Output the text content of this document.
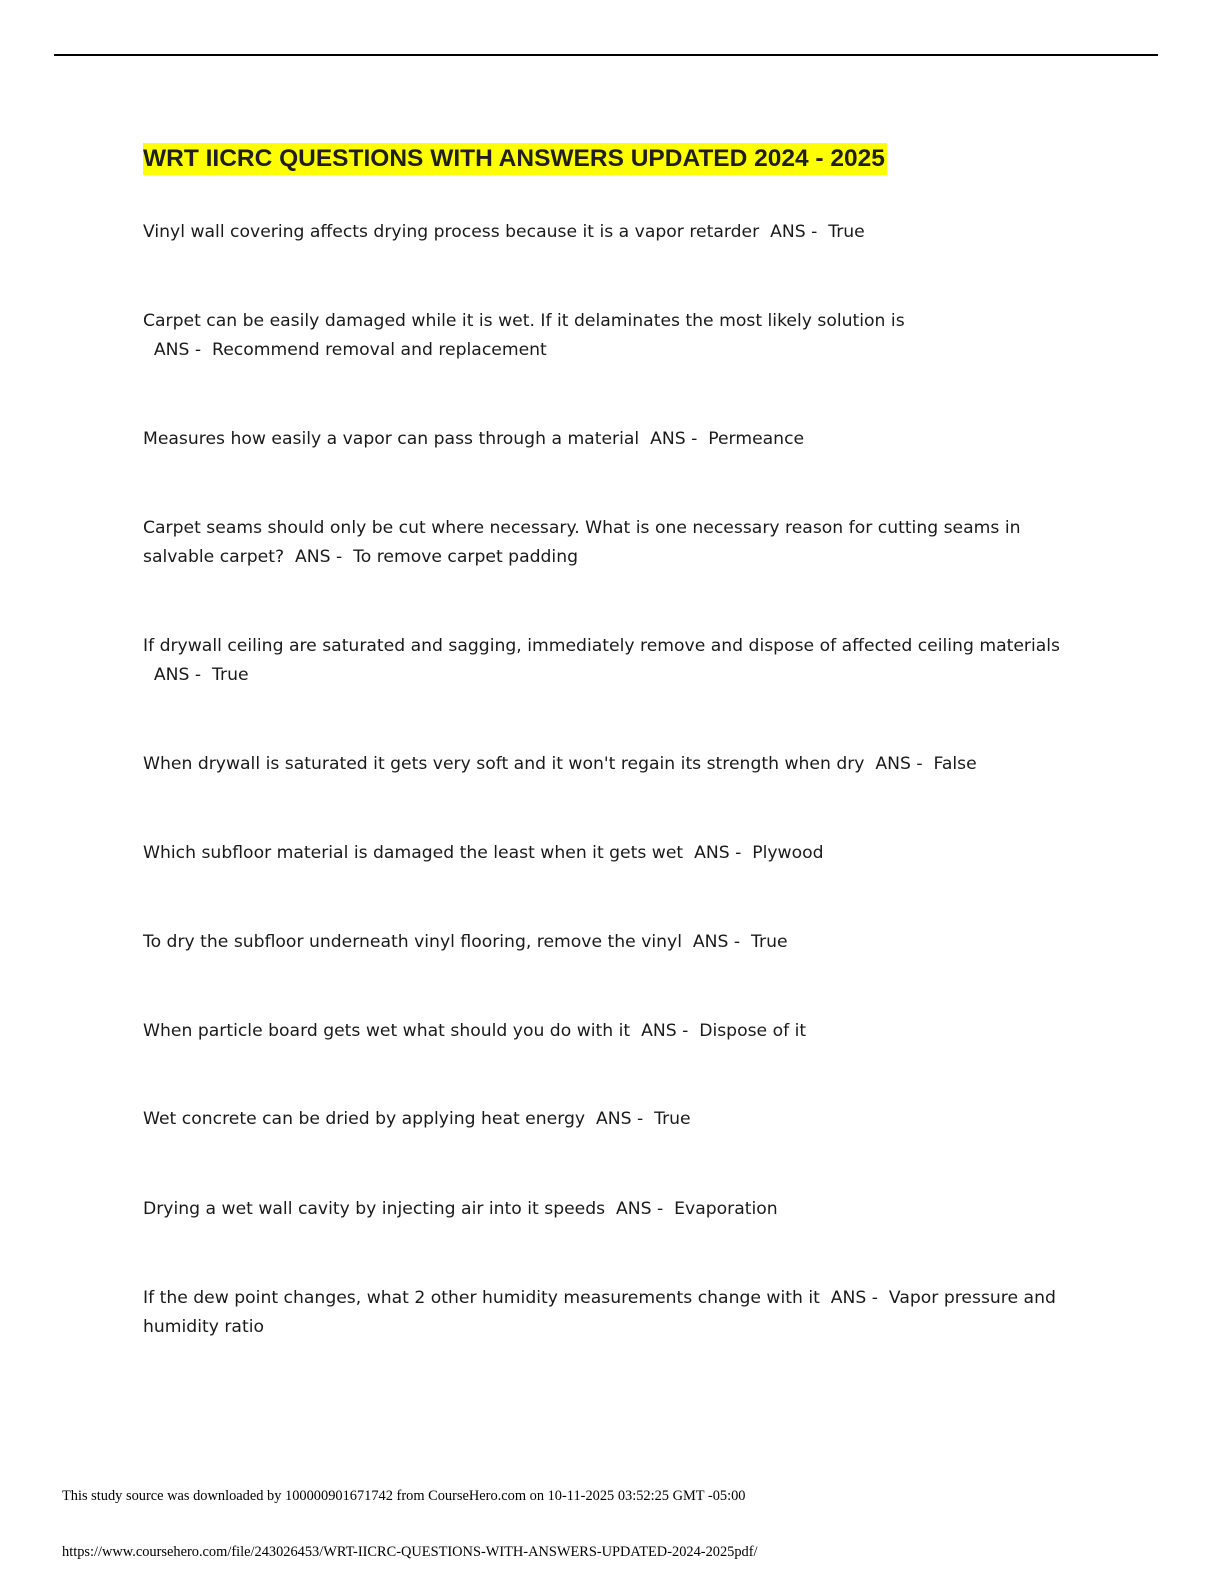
WRT IICRC QUESTIONS WITH ANSWERS UPDATED 2024 - 2025

Vinyl wall covering affects drying process because it is a vapor retarder  ANS -  True

Carpet can be easily damaged while it is wet. If it delaminates the most likely solution is  ANS -  Recommend removal and replacement

Measures how easily a vapor can pass through a material  ANS -  Permeance

Carpet seams should only be cut where necessary. What is one necessary reason for cutting seams in salvable carpet?  ANS -  To remove carpet padding

If drywall ceiling are saturated and sagging, immediately remove and dispose of affected ceiling materials  ANS -  True

When drywall is saturated it gets very soft and it won't regain its strength when dry  ANS -  False

Which subfloor material is damaged the least when it gets wet  ANS -  Plywood

To dry the subfloor underneath vinyl flooring, remove the vinyl  ANS -  True

When particle board gets wet what should you do with it  ANS -  Dispose of it

Wet concrete can be dried by applying heat energy  ANS -  True

Drying a wet wall cavity by injecting air into it speeds  ANS -  Evaporation

If the dew point changes, what 2 other humidity measurements change with it  ANS -  Vapor pressure and humidity ratio

This study source was downloaded by 100000901671742 from CourseHero.com on 10-11-2025 03:52:25 GMT -05:00

https://www.coursehero.com/file/243026453/WRT-IICRC-QUESTIONS-WITH-ANSWERS-UPDATED-2024-2025pdf/
